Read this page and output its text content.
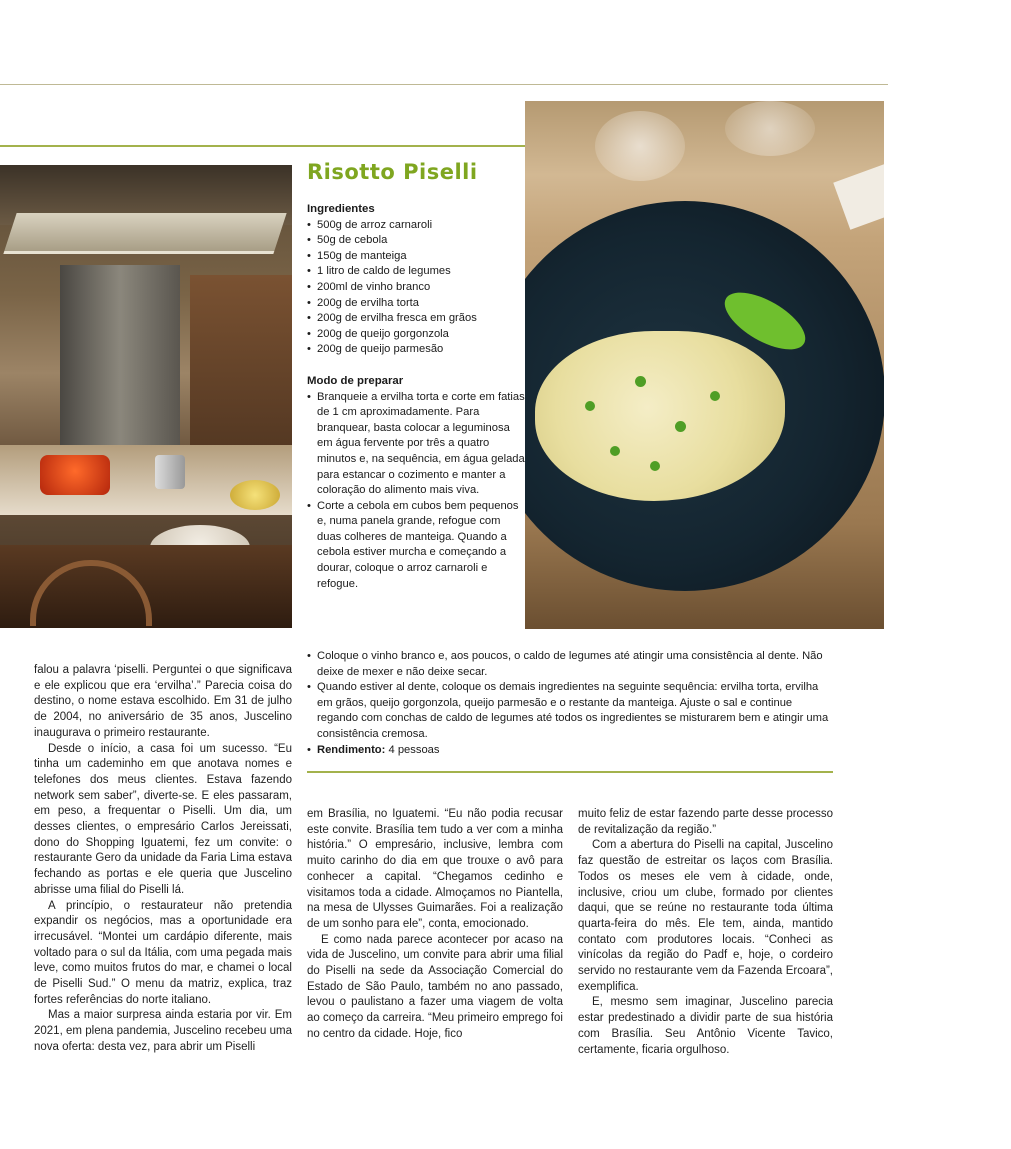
Risotto Piselli
Ingredientes
• 500g de arroz carnaroli
• 50g de cebola
• 150g de manteiga
• 1 litro de caldo de legumes
• 200ml de vinho branco
• 200g de ervilha torta
• 200g de ervilha fresca em grãos
• 200g de queijo gorgonzola
• 200g de queijo parmesão
Modo de preparar
• Branqueie a ervilha torta e corte em fatias de 1 cm aproximadamente. Para branquear, basta colocar a leguminosa em água fervente por três a quatro minutos e, na sequência, em água gelada para estancar o cozimento e manter a coloração do alimento mais viva.
• Corte a cebola em cubos bem pequenos e, numa panela grande, refogue com duas colheres de manteiga. Quando a cebola estiver murcha e começando a dourar, coloque o arroz carnaroli e refogue.
• Coloque o vinho branco e, aos poucos, o caldo de legumes até atingir uma consistência al dente. Não deixe de mexer e não deixe secar.
• Quando estiver al dente, coloque os demais ingredientes na seguinte sequência: ervilha torta, ervilha em grãos, queijo gorgonzola, queijo parmesão e o restante da manteiga. Ajuste o sal e continue regando com conchas de caldo de legumes até todos os ingredientes se misturarem bem e atingir uma consistência cremosa.
• Rendimento: 4 pessoas

falou a palavra ‘piselli. Perguntei o que significava e ele explicou que era ‘ervilha’.” Parecia coisa do destino, o nome estava escolhido. Em 31 de julho de 2004, no aniversário de 35 anos, Juscelino inaugurava o primeiro restaurante.

Desde o início, a casa foi um sucesso. “Eu tinha um cademinho em que anotava nomes e telefones dos meus clientes. Estava fazendo network sem saber”, diverte-se. E eles passaram, em peso, a frequentar o Piselli. Um dia, um desses clientes, o empresário Carlos Jereissati, dono do Shopping Iguatemi, fez um convite: o restaurante Gero da unidade da Faria Lima estava fechando as portas e ele queria que Juscelino abrisse uma filial do Piselli lá.

A princípio, o restaurateur não pretendia expandir os negócios, mas a oportunidade era irrecusável. “Montei um cardápio diferente, mais voltado para o sul da Itália, com uma pegada mais leve, como muitos frutos do mar, e chamei o local de Piselli Sud.” O menu da matriz, explica, traz fortes referências do norte italiano.

Mas a maior surpresa ainda estaria por vir. Em 2021, em plena pandemia, Juscelino recebeu uma nova oferta: desta vez, para abrir um Piselli

em Brasília, no Iguatemi. “Eu não podia recusar este convite. Brasília tem tudo a ver com a minha história.” O empresário, inclusive, lembra com muito carinho do dia em que trouxe o avô para conhecer a capital. “Chegamos cedinho e visitamos toda a cidade. Almoçamos no Piantella, na mesa de Ulysses Guimarães. Foi a realização de um sonho para ele”, conta, emocionado.

E como nada parece acontecer por acaso na vida de Juscelino, um convite para abrir uma filial do Piselli na sede da Associação Comercial do Estado de São Paulo, também no ano passado, levou o paulistano a fazer uma viagem de volta ao começo da carreira. “Meu primeiro emprego foi no centro da cidade. Hoje, fico

muito feliz de estar fazendo parte desse processo de revitalização da região.”

Com a abertura do Piselli na capital, Juscelino faz questão de estreitar os laços com Brasília. Todos os meses ele vem à cidade, onde, inclusive, criou um clube, formado por clientes daqui, que se reúne no restaurante toda última quarta-feira do mês. Ele tem, ainda, mantido contato com produtores locais. “Conheci as vinícolas da região do Padf e, hoje, o cordeiro servido no restaurante vem da Fazenda Ercoara”, exemplifica.

E, mesmo sem imaginar, Juscelino parecia estar predestinado a dividir parte de sua história com Brasília. Seu Antônio Vicente Tavico, certamente, ficaria orgulhoso.
